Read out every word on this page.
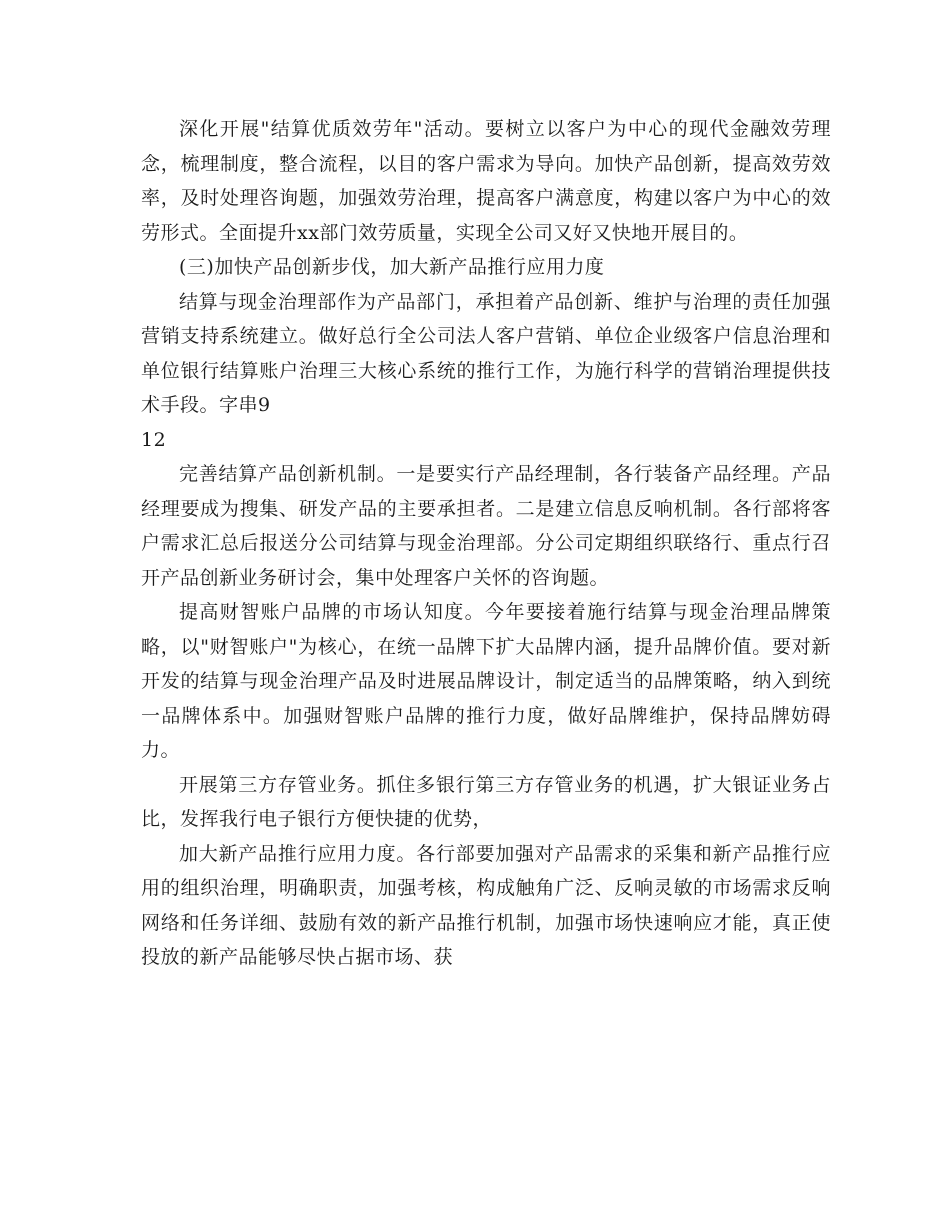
深化开展"结算优质效劳年"活动。要树立以客户为中心的现代金融效劳理念，梳理制度，整合流程，以目的客户需求为导向。加快产品创新，提高效劳效率，及时处理咨询题，加强效劳治理，提高客户满意度，构建以客户为中心的效劳形式。全面提升xx部门效劳质量，实现全公司又好又快地开展目的。

(三)加快产品创新步伐，加大新产品推行应用力度

结算与现金治理部作为产品部门，承担着产品创新、维护与治理的责任加强营销支持系统建立。做好总行全公司法人客户营销、单位企业级客户信息治理和单位银行结算账户治理三大核心系统的推行工作，为施行科学的营销治理提供技术手段。字串9

12

完善结算产品创新机制。一是要实行产品经理制，各行装备产品经理。产品经理要成为搜集、研发产品的主要承担者。二是建立信息反响机制。各行部将客户需求汇总后报送分公司结算与现金治理部。分公司定期组织联络行、重点行召开产品创新业务研讨会，集中处理客户关怀的咨询题。

提高财智账户品牌的市场认知度。今年要接着施行结算与现金治理品牌策略，以"财智账户"为核心，在统一品牌下扩大品牌内涵，提升品牌价值。要对新开发的结算与现金治理产品及时进展品牌设计，制定适当的品牌策略，纳入到统一品牌体系中。加强财智账户品牌的推行力度，做好品牌维护，保持品牌妨碍力。

开展第三方存管业务。抓住多银行第三方存管业务的机遇，扩大银证业务占比，发挥我行电子银行方便快捷的优势，

加大新产品推行应用力度。各行部要加强对产品需求的采集和新产品推行应用的组织治理，明确职责，加强考核，构成触角广泛、反响灵敏的市场需求反响网络和任务详细、鼓励有效的新产品推行机制，加强市场快速响应才能，真正使投放的新产品能够尽快占据市场、获
